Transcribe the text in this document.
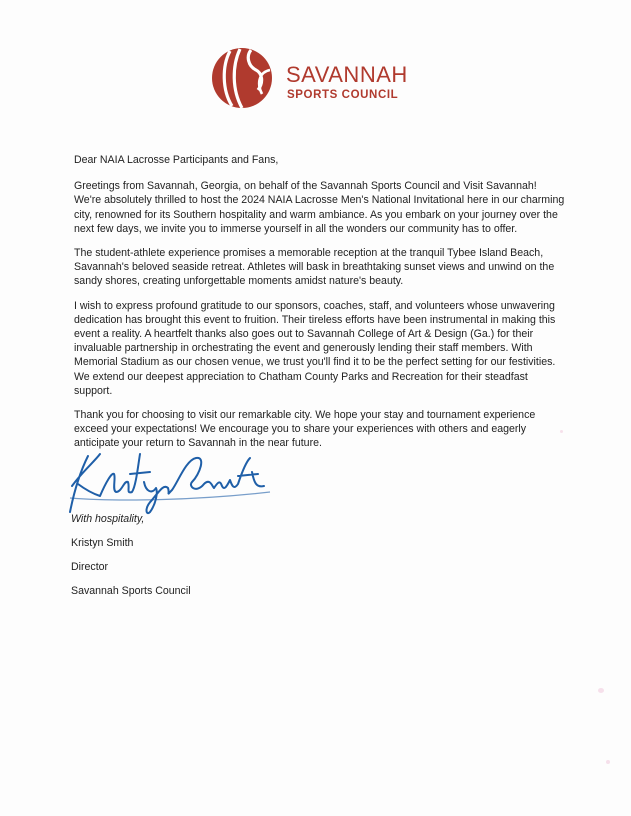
SAVANNAH
SPORTS COUNCIL

Dear NAIA Lacrosse Participants and Fans,

Greetings from Savannah, Georgia, on behalf of the Savannah Sports Council and Visit Savannah! We're absolutely thrilled to host the 2024 NAIA Lacrosse Men's National Invitational here in our charming city, renowned for its Southern hospitality and warm ambiance. As you embark on your journey over the next few days, we invite you to immerse yourself in all the wonders our community has to offer.

The student-athlete experience promises a memorable reception at the tranquil Tybee Island Beach, Savannah's beloved seaside retreat. Athletes will bask in breathtaking sunset views and unwind on the sandy shores, creating unforgettable moments amidst nature's beauty.

I wish to express profound gratitude to our sponsors, coaches, staff, and volunteers whose unwavering dedication has brought this event to fruition. Their tireless efforts have been instrumental in making this event a reality. A heartfelt thanks also goes out to Savannah College of Art & Design (Ga.) for their invaluable partnership in orchestrating the event and generously lending their staff members. With Memorial Stadium as our chosen venue, we trust you'll find it to be the perfect setting for our festivities. We extend our deepest appreciation to Chatham County Parks and Recreation for their steadfast support.

Thank you for choosing to visit our remarkable city. We hope your stay and tournament experience exceed your expectations! We encourage you to share your experiences with others and eagerly anticipate your return to Savannah in the near future.

With hospitality,
Kristyn Smith
Director
Savannah Sports Council
